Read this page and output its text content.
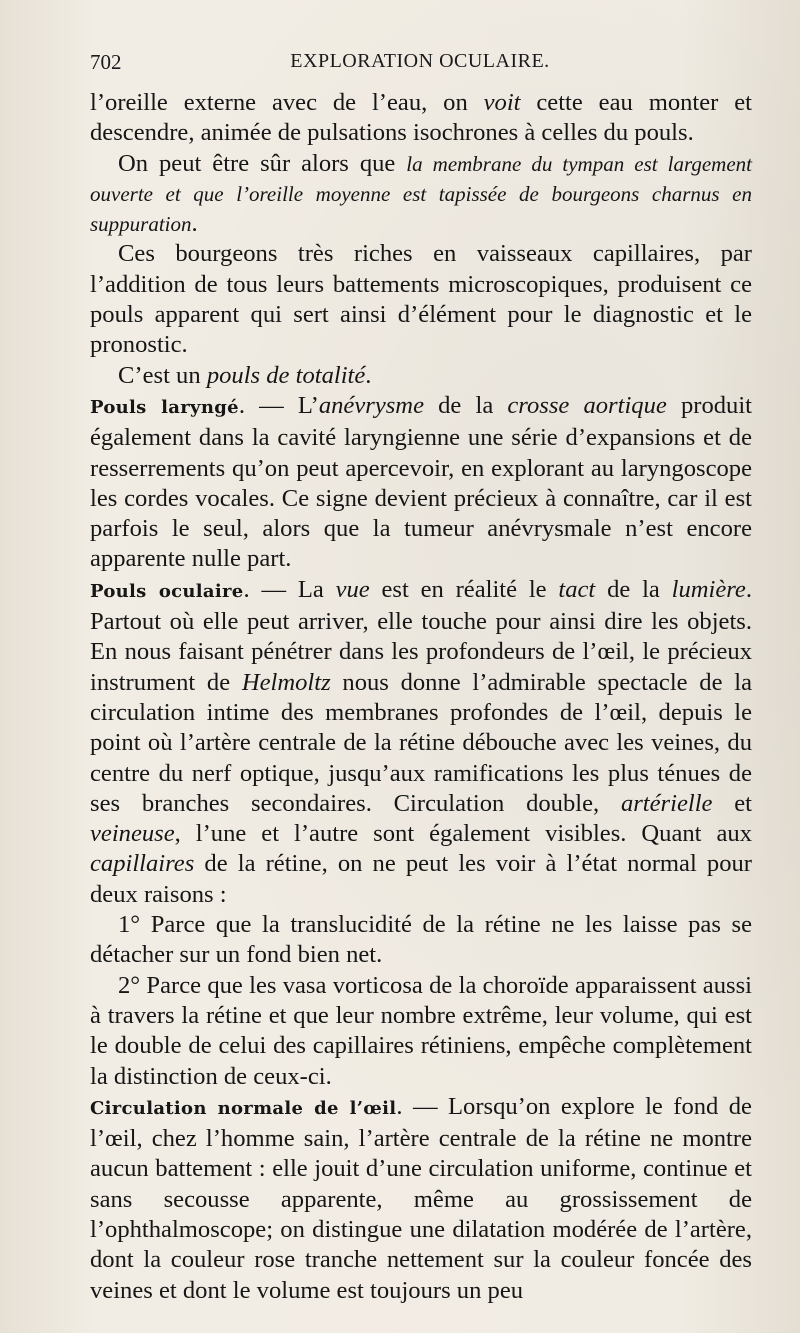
702	EXPLORATION OCULAIRE.

l’oreille externe avec de l’eau, on voit cette eau monter et descendre, animée de pulsations isochrones à celles du pouls.

On peut être sûr alors que la membrane du tympan est largement ouverte et que l’oreille moyenne est tapissée de bourgeons charnus en suppuration.

Ces bourgeons très riches en vaisseaux capillaires, par l’addition de tous leurs battements microscopiques, produisent ce pouls apparent qui sert ainsi d’élément pour le diagnostic et le pronostic.

C’est un pouls de totalité.

Pouls laryngé. — L’anévrysme de la crosse aortique produit également dans la cavité laryngienne une série d’expansions et de resserrements qu’on peut apercevoir, en explorant au laryngoscope les cordes vocales. Ce signe devient précieux à connaître, car il est parfois le seul, alors que la tumeur anévrysmale n’est encore apparente nulle part.

Pouls oculaire. — La vue est en réalité le tact de la lumière. Partout où elle peut arriver, elle touche pour ainsi dire les objets. En nous faisant pénétrer dans les profondeurs de l’œil, le précieux instrument de Helmoltz nous donne l’admirable spectacle de la circulation intime des membranes profondes de l’œil, depuis le point où l’artère centrale de la rétine débouche avec les veines, du centre du nerf optique, jusqu’aux ramifications les plus ténues de ses branches secondaires. Circulation double, artérielle et veineuse, l’une et l’autre sont également visibles. Quant aux capillaires de la rétine, on ne peut les voir à l’état normal pour deux raisons :

1° Parce que la translucidité de la rétine ne les laisse pas se détacher sur un fond bien net.

2° Parce que les vasa vorticosa de la choroïde apparaissent aussi à travers la rétine et que leur nombre extrême, leur volume, qui est le double de celui des capillaires rétiniens, empêche complètement la distinction de ceux-ci.

Circulation normale de l’œil. — Lorsqu’on explore le fond de l’œil, chez l’homme sain, l’artère centrale de la rétine ne montre aucun battement : elle jouit d’une circulation uniforme, continue et sans secousse apparente, même au grossissement de l’ophthalmoscope; on distingue une dilatation modérée de l’artère, dont la couleur rose tranche nettement sur la couleur foncée des veines et dont le volume est toujours un peu
